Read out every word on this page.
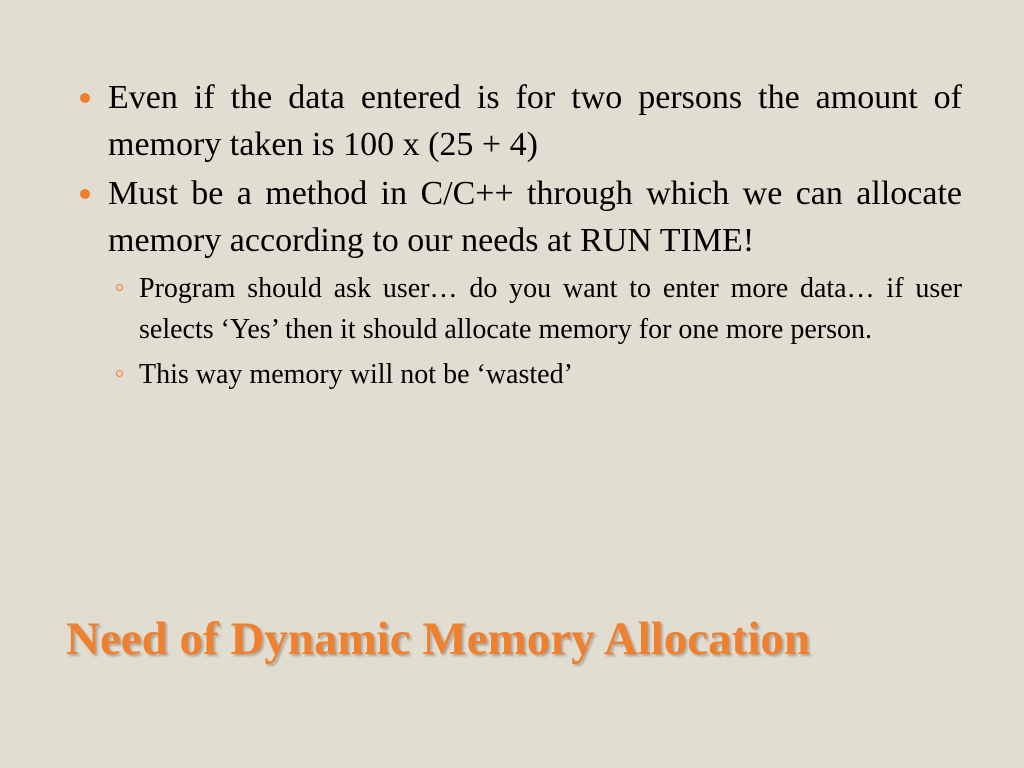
Even if the data entered is for two persons the amount of memory taken is 100 x (25 + 4)
Must be a method in C/C++ through which we can allocate memory according to our needs at RUN TIME!
Program should ask user… do you want to enter more data… if user selects ‘Yes’ then it should allocate memory for one more person.
This way memory will not be ‘wasted’
Need of Dynamic Memory Allocation
